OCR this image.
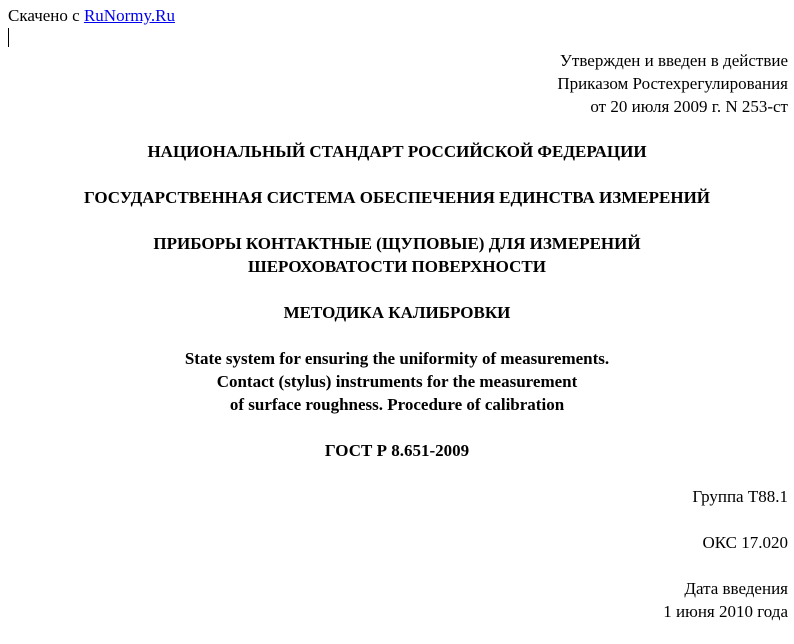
Скачено с RuNormy.Ru

Утвержден и введен в действие
Приказом Ростехрегулирования
от 20 июля 2009 г. N 253-ст
НАЦИОНАЛЬНЫЙ СТАНДАРТ РОССИЙСКОЙ ФЕДЕРАЦИИ
ГОСУДАРСТВЕННАЯ СИСТЕМА ОБЕСПЕЧЕНИЯ ЕДИНСТВА ИЗМЕРЕНИЙ
ПРИБОРЫ КОНТАКТНЫЕ (ЩУПОВЫЕ) ДЛЯ ИЗМЕРЕНИЙ
ШЕРОХОВАТОСТИ ПОВЕРХНОСТИ
МЕТОДИКА КАЛИБРОВКИ
State system for ensuring the uniformity of measurements.
Contact (stylus) instruments for the measurement
of surface roughness. Procedure of calibration
ГОСТ Р 8.651-2009

Группа Т88.1

ОКС 17.020

Дата введения

1 июня 2010 года
